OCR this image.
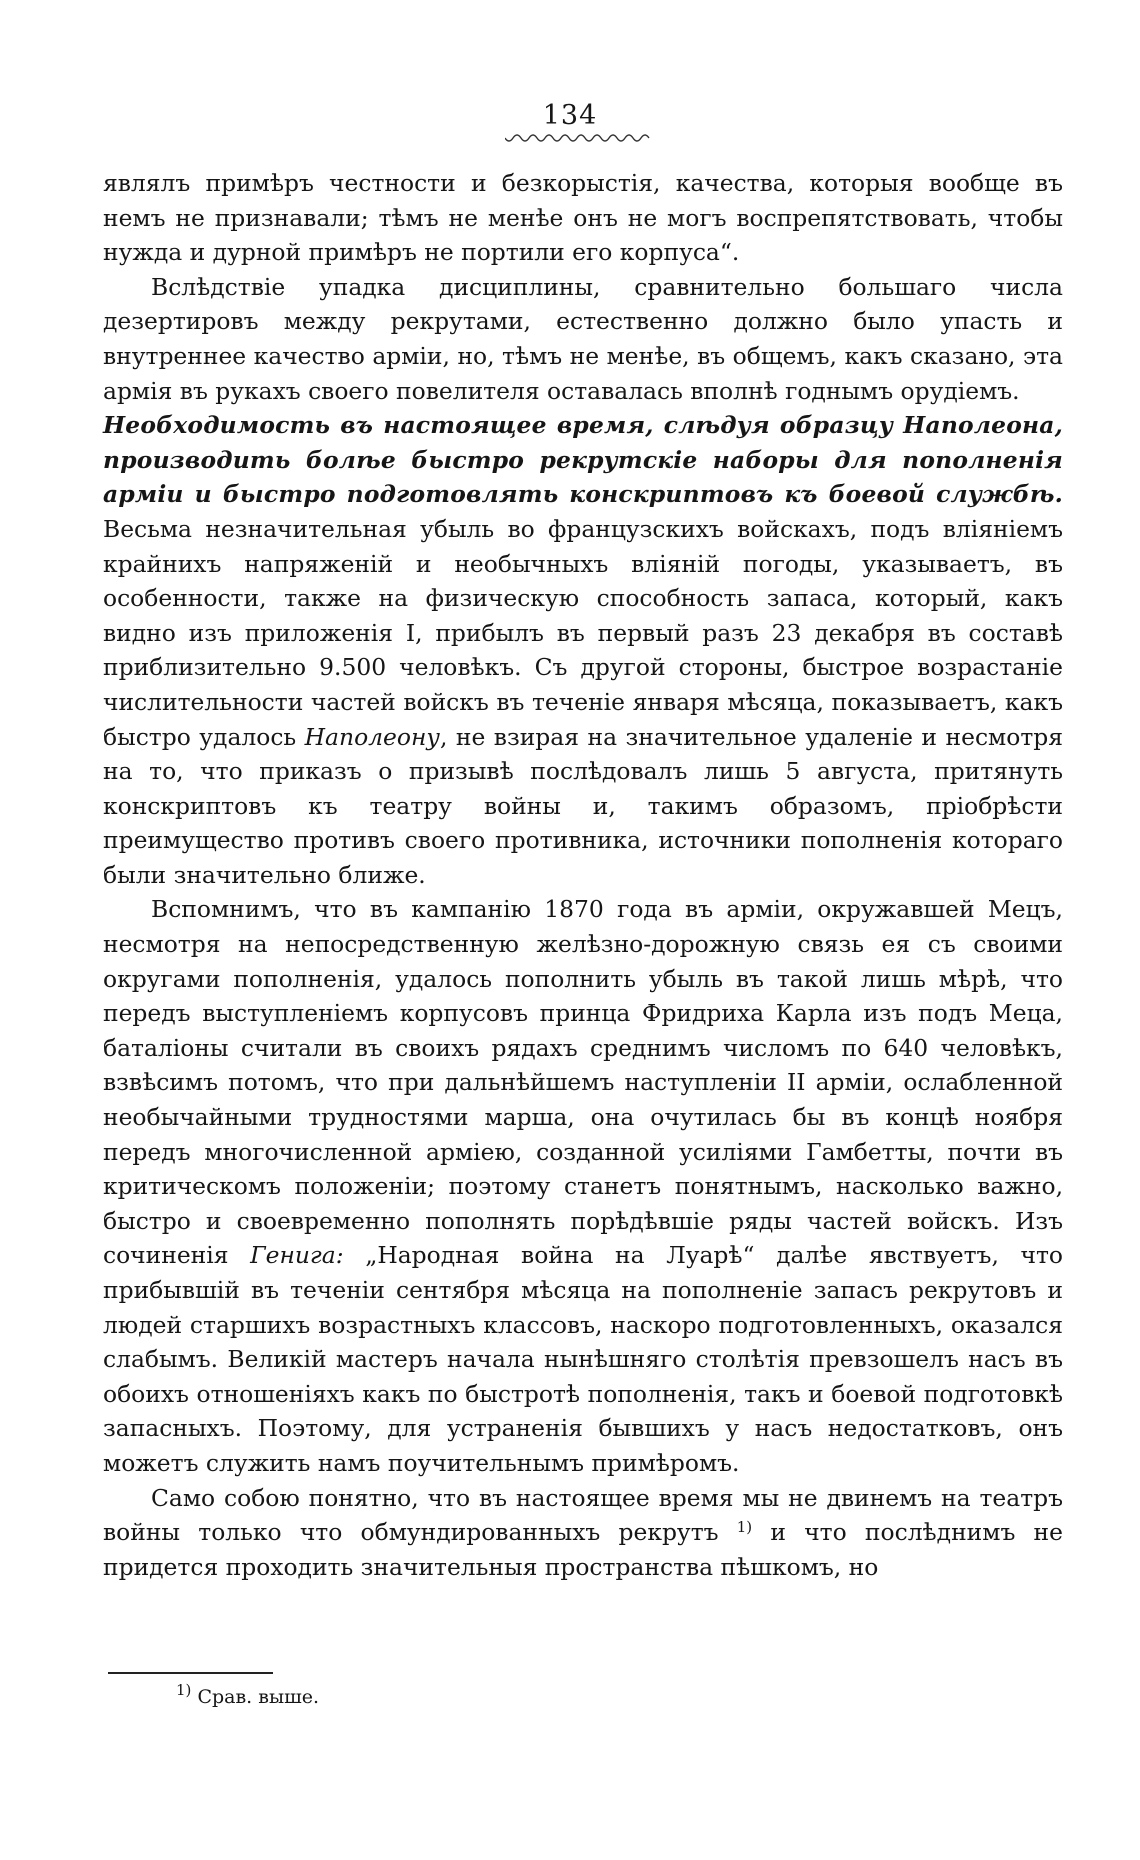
134

являлъ примѣръ честности и безкорыстія, качества, которыя вообще въ немъ не признавали; тѣмъ не менѣе онъ не могъ воспрепятствовать, чтобы нужда и дурной примѣръ не портили его корпуса“.

Вслѣдствіе упадка дисциплины, сравнительно большаго числа дезертировъ между рекрутами, естественно должно было упасть и внутреннее качество арміи, но, тѣмъ не менѣе, въ общемъ, какъ сказано, эта армія въ рукахъ своего повелителя оставалась вполнѣ годнымъ орудіемъ.

Необходимость въ настоящее время, слѣдуя образцу Наполеона, производить болѣе быстро рекрутскіе наборы для пополненія арміи и быстро подготовлять конскриптовъ къ боевой службѣ. Весьма незначительная убыль во французскихъ войскахъ, подъ вліяніемъ крайнихъ напряженій и необычныхъ вліяній погоды, указываетъ, въ особенности, также на физическую способность запаса, который, какъ видно изъ приложенія I, прибылъ въ первый разъ 23 декабря въ составѣ приблизительно 9.500 человѣкъ. Съ другой стороны, быстрое возрастаніе числительности частей войскъ въ теченіе января мѣсяца, показываетъ, какъ быстро удалось Наполеону, не взирая на значительное удаленіе и несмотря на то, что приказъ о призывѣ послѣдовалъ лишь 5 августа, притянуть конскриптовъ къ театру войны и, такимъ образомъ, пріобрѣсти преимущество противъ своего противника, источники пополненія котораго были значительно ближе.

Вспомнимъ, что въ кампанію 1870 года въ арміи, окружавшей Мецъ, несмотря на непосредственную желѣзно-дорожную связь ея съ своими округами пополненія, удалось пополнить убыль въ такой лишь мѣрѣ, что передъ выступленіемъ корпусовъ принца Фридриха Карла изъ подъ Меца, баталіоны считали въ своихъ рядахъ среднимъ числомъ по 640 человѣкъ, взвѣсимъ потомъ, что при дальнѣйшемъ наступленіи II арміи, ослабленной необычайными трудностями марша, она очутилась бы въ концѣ ноября передъ многочисленной арміею, созданной усиліями Гамбетты, почти въ критическомъ положеніи; поэтому станетъ понятнымъ, насколько важно, быстро и своевременно пополнять порѣдѣвшіе ряды частей войскъ. Изъ сочиненія Генига: „Народная война на Луарѣ“ далѣе явствуетъ, что прибывшій въ теченіи сентября мѣсяца на пополненіе запасъ рекрутовъ и людей старшихъ возрастныхъ классовъ, наскоро подготовленныхъ, оказался слабымъ. Великій мастеръ начала нынѣшняго столѣтія превзошелъ насъ въ обоихъ отношеніяхъ какъ по быстротѣ пополненія, такъ и боевой подготовкѣ запасныхъ. Поэтому, для устраненія бывшихъ у насъ недостатковъ, онъ можетъ служить намъ поучительнымъ примѣромъ.

Само собою понятно, что въ настоящее время мы не двинемъ на театръ войны только что обмундированныхъ рекрутъ $^{1)}$ и что послѣднимъ не придется проходить значительныя пространства пѣшкомъ, но

$^{1)}$ Срав. выше.
